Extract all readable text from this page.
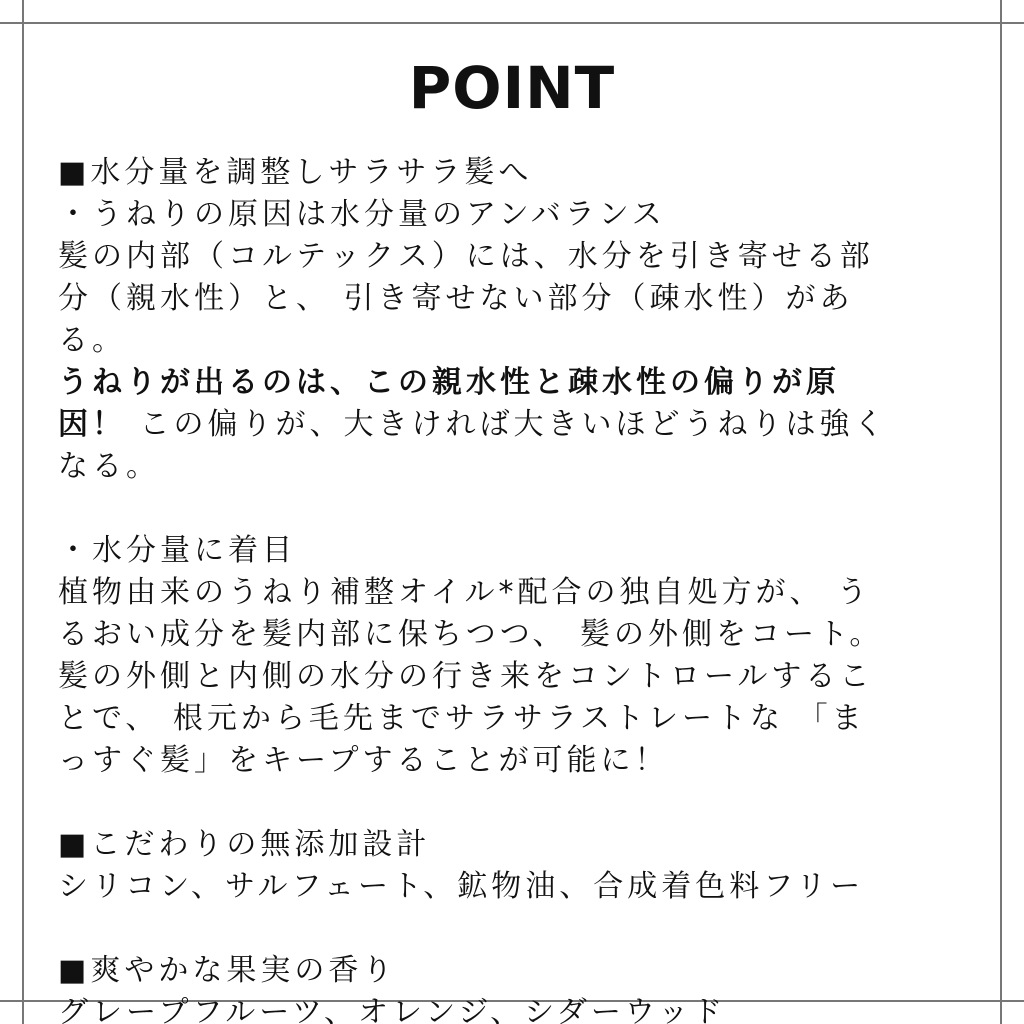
POINT
■水分量を調整しサラサラ髪へ
・うねりの原因は水分量のアンバランス
髪の内部（コルテックス）には、水分を引き寄せる部
分（親水性）と、 引き寄せない部分（疎水性）があ
る。
うねりが出るのは、この親水性と疎水性の偏りが原
因！ この偏りが、大きければ大きいほどうねりは強く
なる。
・水分量に着目
植物由来のうねり補整オイル*配合の独自処方が、 う
るおい成分を髪内部に保ちつつ、 髪の外側をコート。
髪の外側と内側の水分の行き来をコントロールするこ
とで、 根元から毛先までサラサラストレートな 「ま
っすぐ髪」をキープすることが可能に！
■こだわりの無添加設計
シリコン、サルフェート、鉱物油、合成着色料フリー
■爽やかな果実の香り
グレープフルーツ、オレンジ、シダーウッド
